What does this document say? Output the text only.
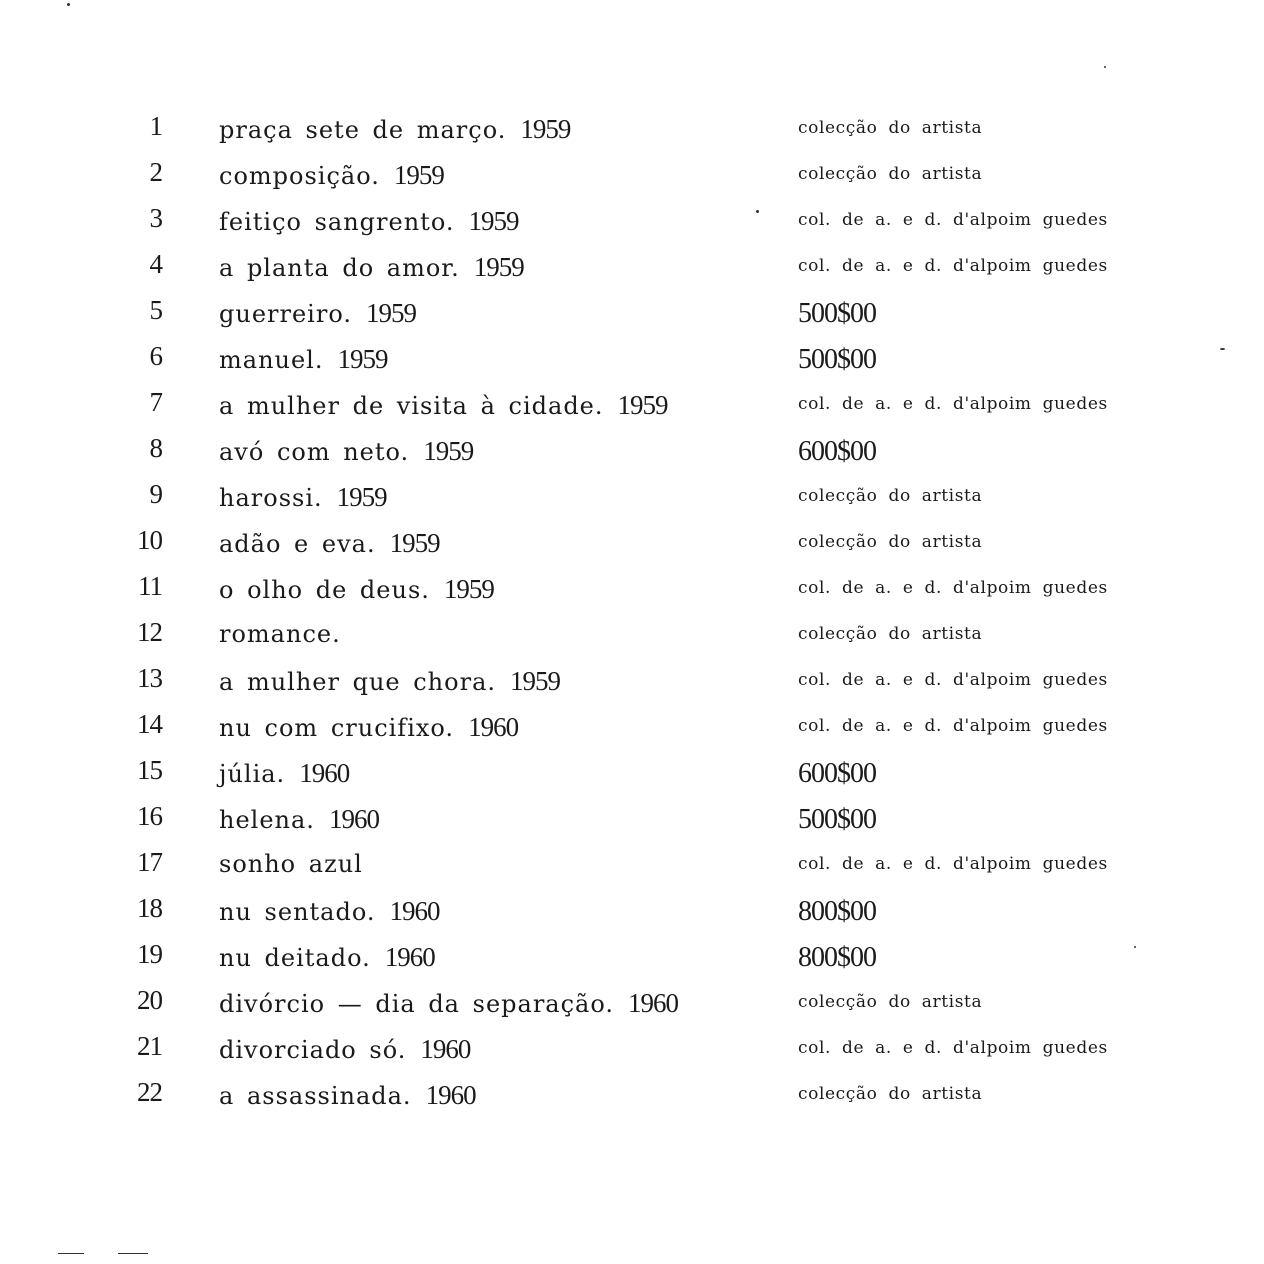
1 praça sete de março. 1959	colecção do artista
2 composição. 1959	colecção do artista
3 feitiço sangrento. 1959	col. de a. e d. d'alpoim guedes
4 a planta do amor. 1959	col. de a. e d. d'alpoim guedes
5 guerreiro. 1959	500$00
6 manuel. 1959	500$00
7 a mulher de visita à cidade. 1959	col. de a. e d. d'alpoim guedes
8 avó com neto. 1959	600$00
9 harossi. 1959	colecção do artista
10 adão e eva. 1959	colecção do artista
11 o olho de deus. 1959	col. de a. e d. d'alpoim guedes
12 romance.	colecção do artista
13 a mulher que chora. 1959	col. de a. e d. d'alpoim guedes
14 nu com crucifixo. 1960	col. de a. e d. d'alpoim guedes
15 júlia. 1960	600$00
16 helena. 1960	500$00
17 sonho azul	col. de a. e d. d'alpoim guedes
18 nu sentado. 1960	800$00
19 nu deitado. 1960	800$00
20 divórcio — dia da separação. 1960	colecção do artista
21 divorciado só. 1960	col. de a. e d. d'alpoim guedes
22 a assassinada. 1960	colecção do artista
